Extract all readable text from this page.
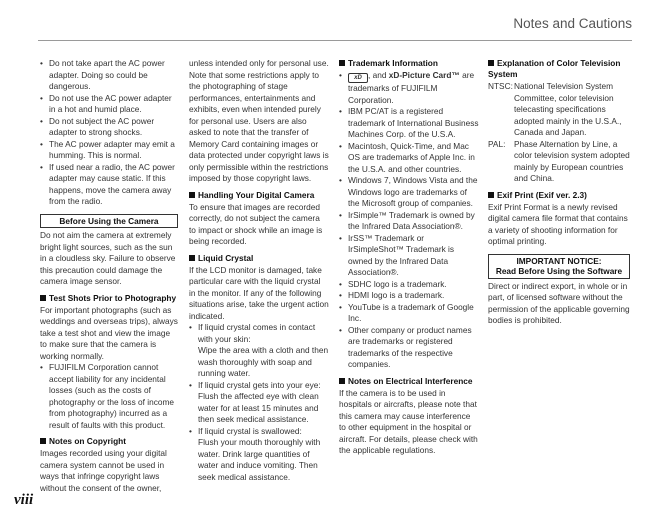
Notes and Cautions
• Do not take apart the AC power adapter. Doing so could be dangerous.
• Do not use the AC power adapter in a hot and humid place.
• Do not subject the AC power adapter to strong shocks.
• The AC power adapter may emit a humming. This is normal.
• If used near a radio, the AC power adapter may cause static. If this happens, move the camera away from the radio.
Before Using the Camera

Do not aim the camera at extremely bright light sources, such as the sun in a cloudless sky. Failure to observe this precaution could damage the camera image sensor.

Test Shots Prior to Photography

For important photographs (such as weddings and overseas trips), always take a test shot and view the image to make sure that the camera is working normally.

• FUJIFILM Corporation cannot accept liability for any incidental losses (such as the costs of photography or the loss of income from photography) incurred as a result of faults with this product.
Notes on Copyright

Images recorded using your digital camera system cannot be used in ways that infringe copyright laws without the consent of the owner,

unless intended only for personal use. Note that some restrictions apply to the photographing of stage performances, entertainments and exhibits, even when intended purely for personal use. Users are also asked to note that the transfer of Memory Card containing images or data protected under copyright laws is only permissible within the restrictions imposed by those copyright laws.

Handling Your Digital Camera

To ensure that images are recorded correctly, do not subject the camera to impact or shock while an image is being recorded.

Liquid Crystal

If the LCD monitor is damaged, take particular care with the liquid crystal in the monitor. If any of the following situations arise, take the urgent action indicated.

• If liquid crystal comes in contact with your skin:
Wipe the area with a cloth and then wash thoroughly with soap and running water.
• If liquid crystal gets into your eye:
Flush the affected eye with clean water for at least 15 minutes and then seek medical assistance.
• If liquid crystal is swallowed:
Flush your mouth thoroughly with water. Drink large quantities of water and induce vomiting. Then seek medical assistance.
Trademark Information
• xD , and xD-Picture Card™ are trademarks of FUJIFILM Corporation.
• IBM PC/AT is a registered trademark of International Business Machines Corp. of the U.S.A.
• Macintosh, Quick-Time, and Mac OS are trademarks of Apple Inc. in the U.S.A. and other countries.
• Windows 7, Windows Vista and the Windows logo are trademarks of the Microsoft group of companies.
• IrSimple™ Trademark is owned by the Infrared Data Association®.
• IrSS™ Trademark or IrSimpleShot™ Trademark is owned by the Infrared Data Association®.
• SDHC logo is a trademark.
• HDMI logo is a trademark.
• YouTube is a trademark of Google Inc.
• Other company or product names are trademarks or registered trademarks of the respective companies.
Notes on Electrical Interference

If the camera is to be used in hospitals or aircrafts, please note that this camera may cause interference to other equipment in the hospital or aircraft. For details, please check with the applicable regulations.

Explanation of Color Television System
NTSC: National Television System Committee, color television telecasting specifications adopted mainly in the U.S.A., Canada and Japan.
PAL:	Phase Alternation by Line, a color television system adopted mainly by European countries and China.
Exif Print (Exif ver. 2.3)

Exif Print Format is a newly revised digital camera file format that contains a variety of shooting information for optimal printing.

IMPORTANT NOTICE:
Read Before Using the Software

Direct or indirect export, in whole or in part, of licensed software without the permission of the applicable governing bodies is prohibited.

viii
